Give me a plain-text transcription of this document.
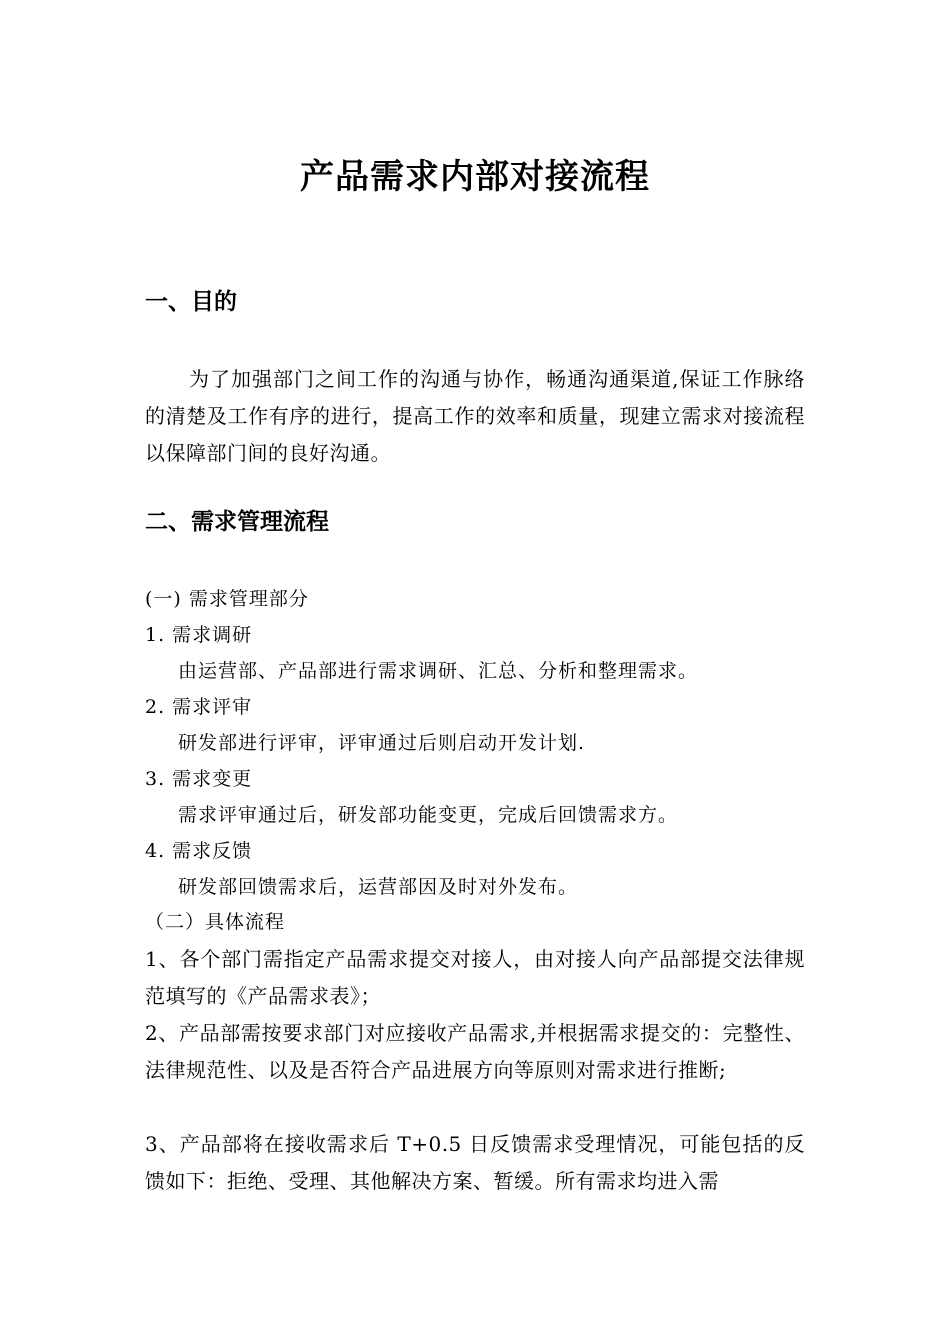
产品需求内部对接流程
一、目的
为了加强部门之间工作的沟通与协作，畅通沟通渠道,保证工作脉络的清楚及工作有序的进行，提高工作的效率和质量，现建立需求对接流程以保障部门间的良好沟通。
二、需求管理流程
(一) 需求管理部分
1. 需求调研
由运营部、产品部进行需求调研、汇总、分析和整理需求。
2. 需求评审
研发部进行评审，评审通过后则启动开发计划.
3. 需求变更
需求评审通过后，研发部功能变更，完成后回馈需求方。
4. 需求反馈
研发部回馈需求后，运营部因及时对外发布。
（二）具体流程
1、各个部门需指定产品需求提交对接人，由对接人向产品部提交法律规范填写的《产品需求表》；
2、产品部需按要求部门对应接收产品需求,并根据需求提交的：完整性、法律规范性、以及是否符合产品进展方向等原则对需求进行推断;
3、产品部将在接收需求后 T+0.5 日反馈需求受理情况，可能包括的反馈如下：拒绝、受理、其他解决方案、暂缓。所有需求均进入需
